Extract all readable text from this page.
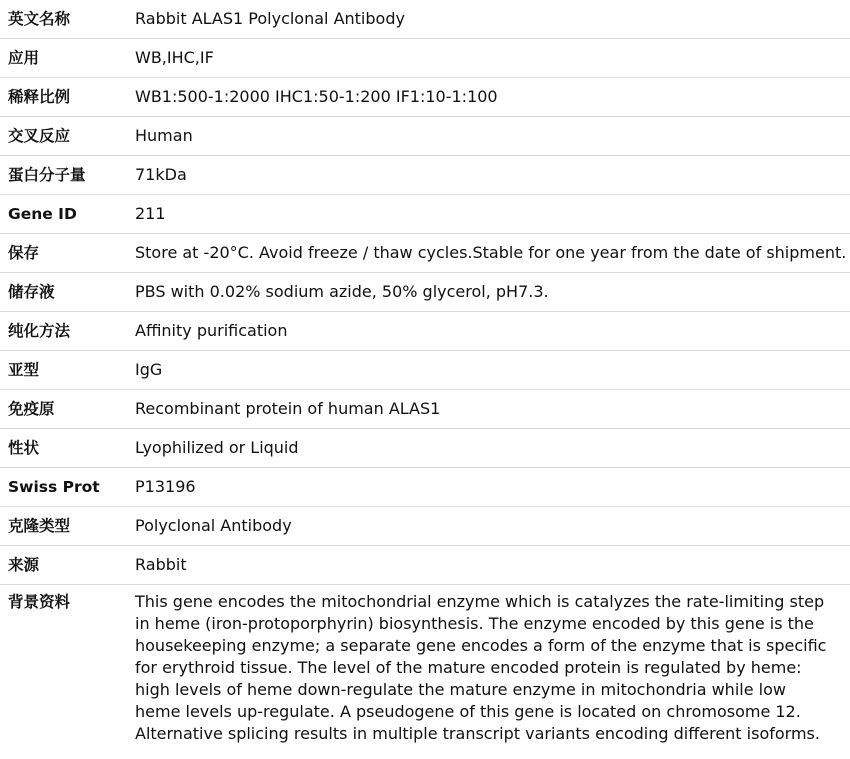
英文名称	Rabbit ALAS1 Polyclonal Antibody
应用	WB,IHC,IF
稀释比例	WB1:500-1:2000 IHC1:50-1:200 IF1:10-1:100
交叉反应	Human
蛋白分子量	71kDa
Gene ID	211
保存	Store at -20°C. Avoid freeze / thaw cycles.Stable for one year from the date of shipment.
储存液	PBS with 0.02% sodium azide, 50% glycerol, pH7.3.
纯化方法	Affinity purification
亚型	IgG
免疫原	Recombinant protein of human ALAS1
性状	Lyophilized or Liquid
Swiss Prot	P13196
克隆类型	Polyclonal Antibody
来源	Rabbit
背景资料	This gene encodes the mitochondrial enzyme which is catalyzes the rate-limiting step in heme (iron-protoporphyrin) biosynthesis. The enzyme encoded by this gene is the housekeeping enzyme; a separate gene encodes a form of the enzyme that is specific for erythroid tissue. The level of the mature encoded protein is regulated by heme: high levels of heme down-regulate the mature enzyme in mitochondria while low heme levels up-regulate. A pseudogene of this gene is located on chromosome 12. Alternative splicing results in multiple transcript variants encoding different isoforms.
